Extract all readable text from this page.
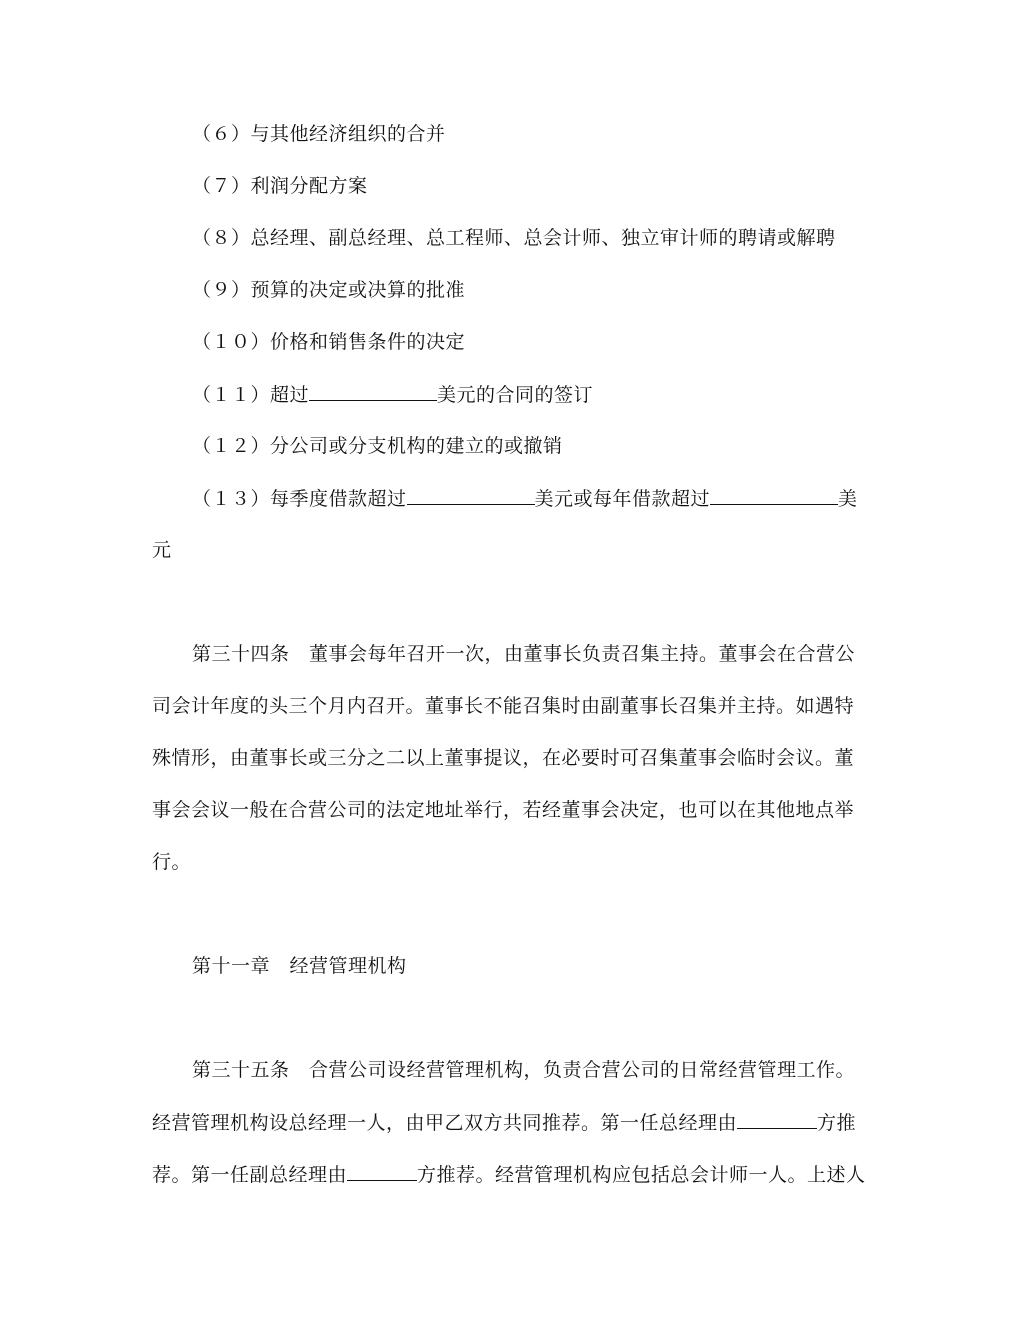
（６）与其他经济组织的合并
（７）利润分配方案
（８）总经理、副总经理、总工程师、总会计师、独立审计师的聘请或解聘
（９）预算的决定或决算的批准
（１０）价格和销售条件的决定
（１１）超过	美元的合同的签订
（１２）分公司或分支机构的建立的或撤销
（１３）每季度借款超过	美元或每年借款超过	美
元
第三十四条　董事会每年召开一次，由董事长负责召集主持。董事会在合营公
司会计年度的头三个月内召开。董事长不能召集时由副董事长召集并主持。如遇特
殊情形，由董事长或三分之二以上董事提议，在必要时可召集董事会临时会议。董
事会会议一般在合营公司的法定地址举行，若经董事会决定，也可以在其他地点举
行。
第十一章　经营管理机构
第三十五条　合营公司设经营管理机构，负责合营公司的日常经营管理工作。
经营管理机构设总经理一人，由甲乙双方共同推荐。第一任总经理由	方推
荐。第一任副总经理由	方推荐。经营管理机构应包括总会计师一人。上述人
